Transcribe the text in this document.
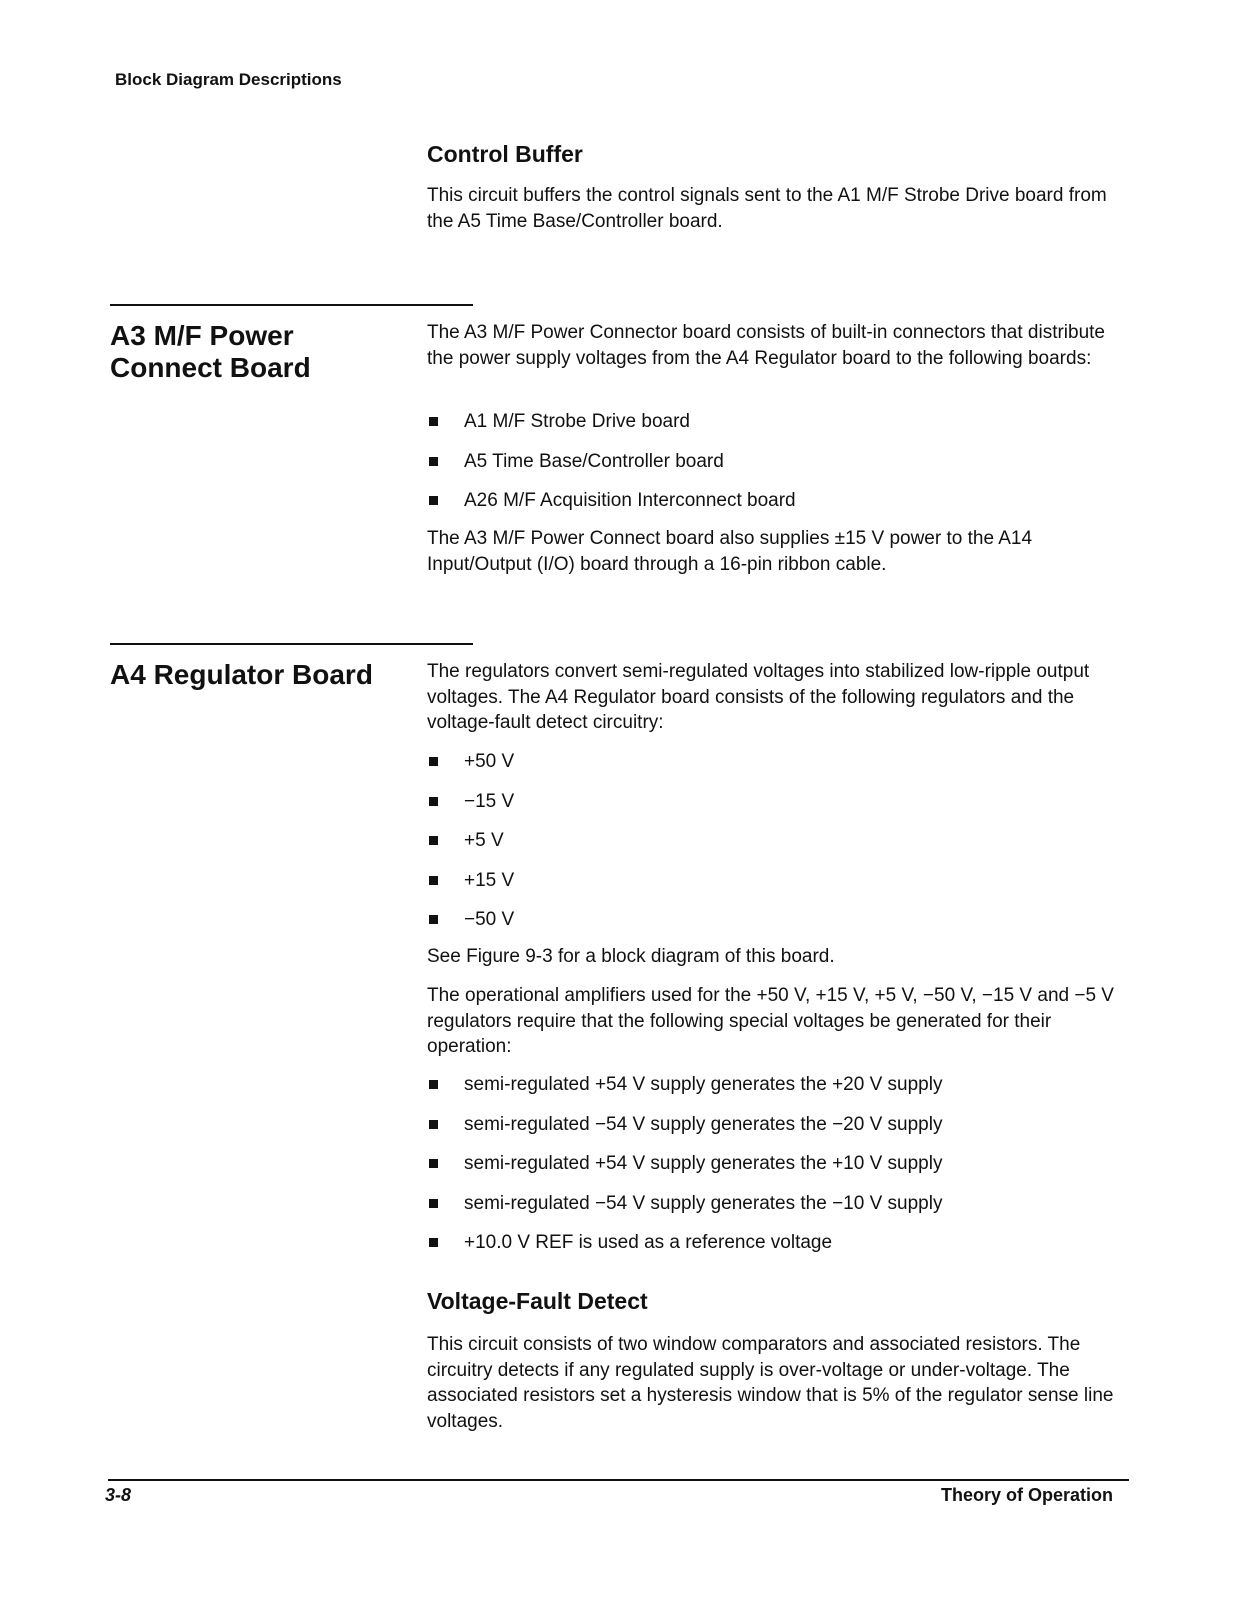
Block Diagram Descriptions

Control Buffer

This circuit buffers the control signals sent to the A1 M/F Strobe Drive board from the A5 Time Base/Controller board.

A3 M/F Power
Connect Board

The A3 M/F Power Connector board consists of built-in connectors that distribute the power supply voltages from the A4 Regulator board to the following boards:

A1 M/F Strobe Drive board
A5 Time Base/Controller board
A26 M/F Acquisition Interconnect board

The A3 M/F Power Connect board also supplies ±15 V power to the A14 Input/Output (I/O) board through a 16-pin ribbon cable.

A4 Regulator Board	The regulators convert semi-regulated voltages into stabilized low-ripple output voltages. The A4 Regulator board consists of the following regulators and the voltage-fault detect circuitry:

+50 V
−15 V
+5 V
+15 V
−50 V

See Figure 9-3 for a block diagram of this board.

The operational amplifiers used for the +50 V, +15 V, +5 V, −50 V, −15 V and −5 V regulators require that the following special voltages be generated for their operation:

semi-regulated +54 V supply generates the +20 V supply
semi-regulated −54 V supply generates the −20 V supply
semi-regulated +54 V supply generates the +10 V supply
semi-regulated −54 V supply generates the −10 V supply
+10.0 V REF is used as a reference voltage
Voltage-Fault Detect

This circuit consists of two window comparators and associated resistors. The circuitry detects if any regulated supply is over-voltage or under-voltage. The associated resistors set a hysteresis window that is 5% of the regulator sense line voltages.

3-8	Theory of Operation
